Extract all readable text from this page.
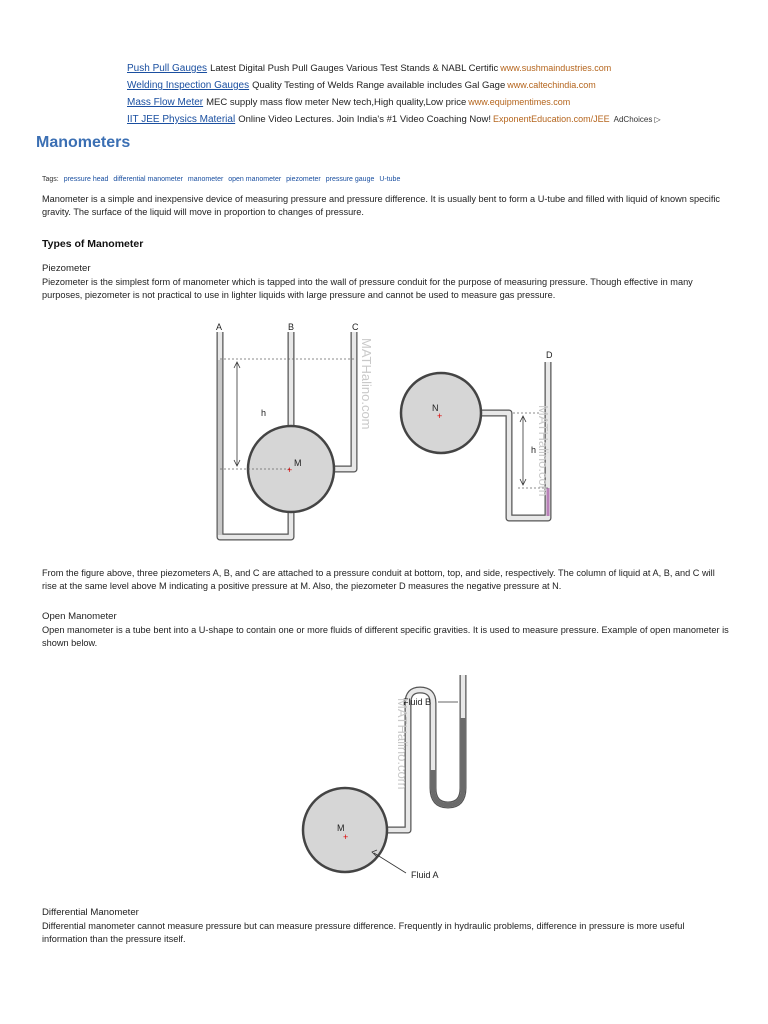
Push Pull Gauges Latest Digital Push Pull Gauges Various Test Stands & NABL Certific www.sushmaindustries.com
Welding Inspection Gauges Quality Testing of Welds Range available includes Gal Gage www.caltechindia.com
Mass Flow Meter MEC supply mass flow meter New tech,High quality,Low price www.equipmentimes.com
IIT JEE Physics Material Online Video Lectures. Join India's #1 Video Coaching Now! ExponentEducation.com/JEE AdChoices ▷
Manometers
Tags: pressure head differential manometer manometer open manometer piezometer pressure gauge U-tube

Manometer is a simple and inexpensive device of measuring pressure and pressure difference. It is usually bent to form a U-tube and filled with liquid of known specific gravity. The surface of the liquid will move in proportion to changes of pressure.

Types of Manometer
Piezometer

Piezometer is the simplest form of manometer which is tapped into the wall of pressure conduit for the purpose of measuring pressure. Though effective in many purposes, piezometer is not practical to use in lighter liquids with large pressure and cannot be used to measure gas pressure.

h
A	B	C
M
+
MATHalino.com
h
D
N
+	MATHalino.com

From the figure above, three piezometers A, B, and C are attached to a pressure conduit at bottom, top, and side, respectively. The column of liquid at A, B, and C will rise at the same level above M indicating a positive pressure at M. Also, the piezometer D measures the negative pressure at N.

Open Manometer

Open manometer is a tube bent into a U-shape to contain one or more fluids of different specific gravities. It is used to measure pressure. Example of open manometer is shown below.

M
+
Fluid B
Fluid A
MATHalino.com
Differential Manometer

Differential manometer cannot measure pressure but can measure pressure difference. Frequently in hydraulic problems, difference in pressure is more useful information than the pressure itself.
